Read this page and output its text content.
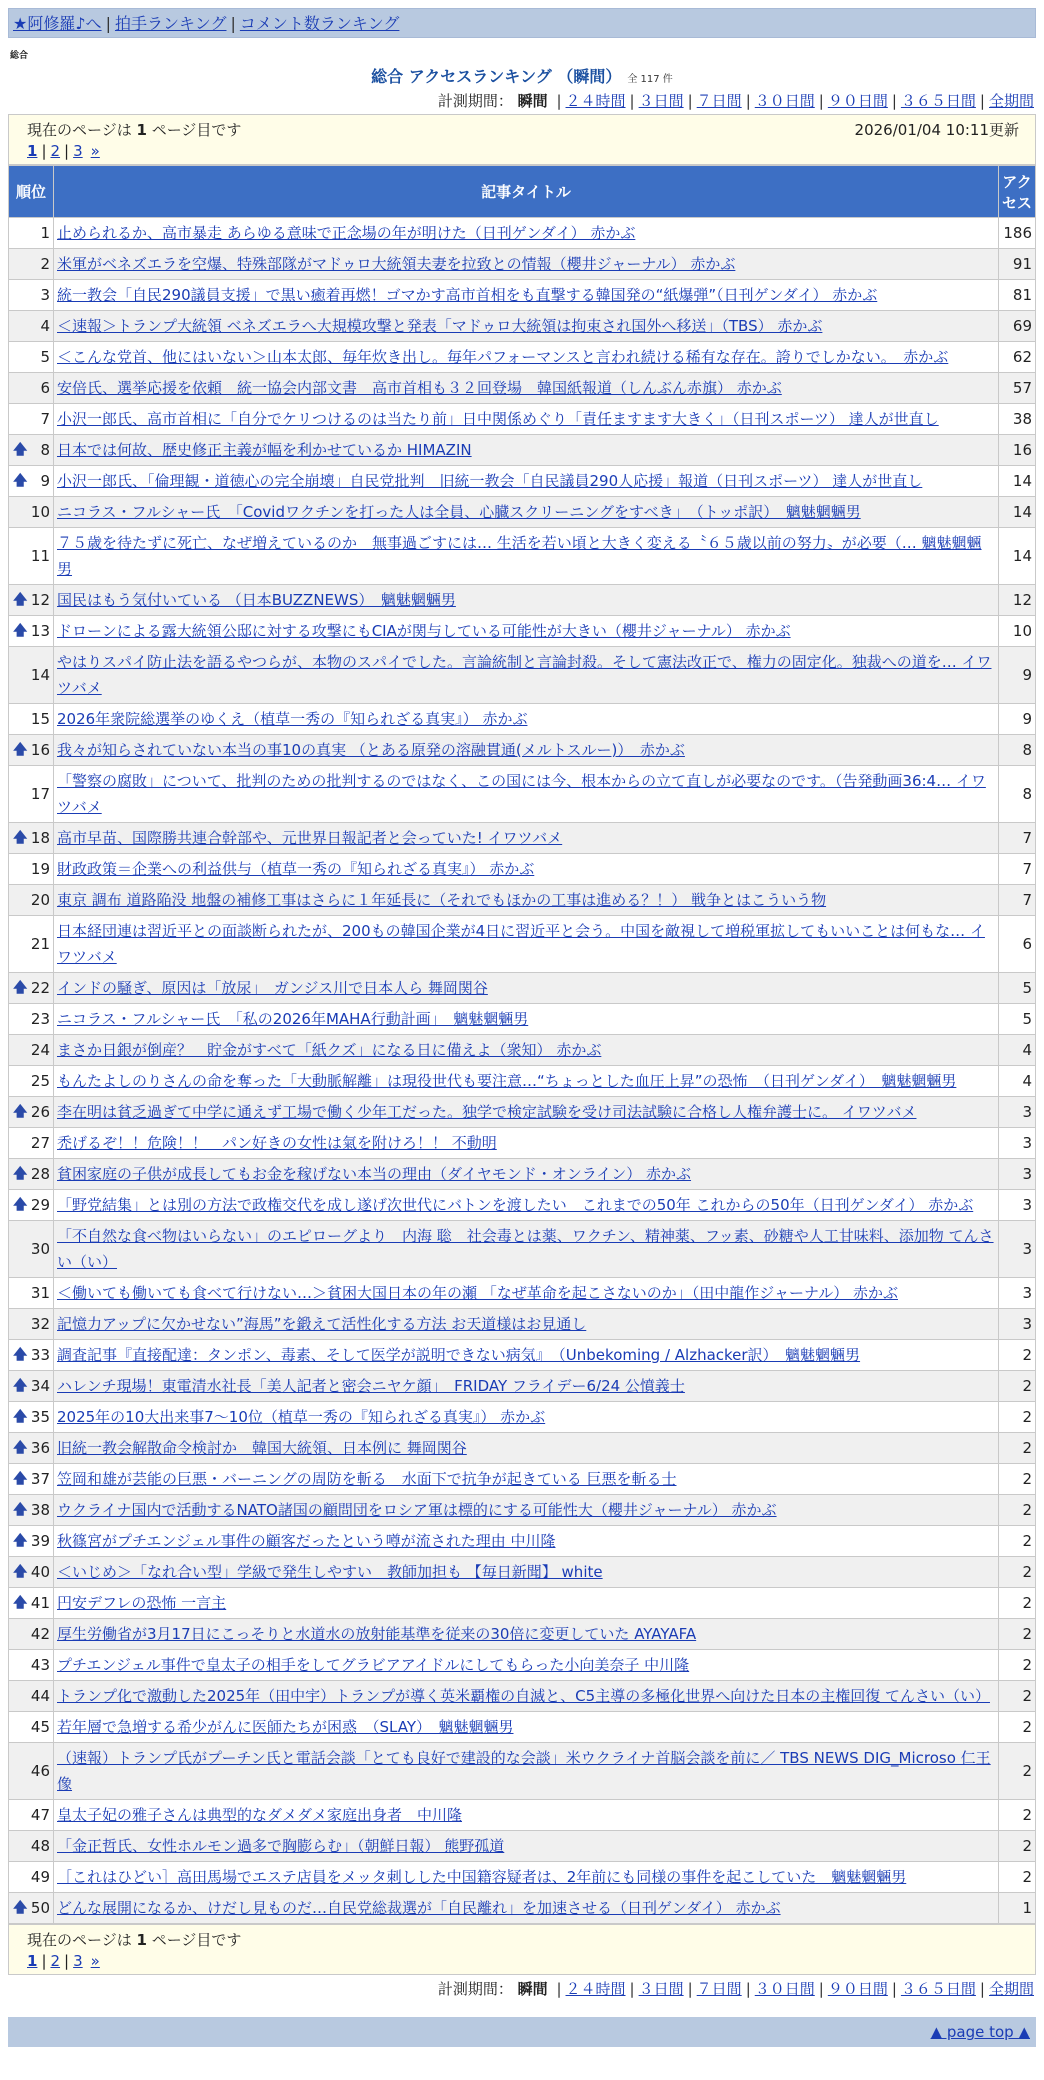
★阿修羅♪へ | 拍手ランキング | コメント数ランキング
総合
総合 アクセスランキング （瞬間） 全 117 件
計測期間： 瞬間 | ２４時間 | ３日間 | ７日間 | ３０日間 | ９０日間 | ３６５日間 | 全期間
現在のページは 1 ページ目です	2026/01/04 10:11更新
1 | 2 | 3 »
順位	記事タイトル	アクセス
1	止められるか、高市暴走 あらゆる意味で正念場の年が明けた（日刊ゲンダイ） 赤かぶ	186
2	米軍がベネズエラを空爆、特殊部隊がマドゥロ大統領夫妻を拉致との情報（櫻井ジャーナル） 赤かぶ	91
3	統一教会「自民290議員支援」で黒い癒着再燃！ゴマかす高市首相をも直撃する韓国発の“紙爆弾”（日刊ゲンダイ） 赤かぶ	81
4	＜速報＞トランプ大統領 ベネズエラへ大規模攻撃と発表「マドゥロ大統領は拘束され国外へ移送」（TBS） 赤かぶ	69
5	＜こんな党首、他にはいない＞山本太郎、毎年炊き出し。毎年パフォーマンスと言われ続ける稀有な存在。誇りでしかない。　赤かぶ	62
6	安倍氏、選挙応援を依頼　統一協会内部文書　高市首相も３２回登場　韓国紙報道（しんぶん赤旗） 赤かぶ	57
7	小沢一郎氏、高市首相に「自分でケリつけるのは当たり前」日中関係めぐり「責任ますます大きく」（日刊スポーツ） 達人が世直し	38

🡅 8	日本では何故、歴史修正主義が幅を利かせているか HIMAZIN	16

🡅 9	小沢一郎氏、「倫理観・道徳心の完全崩壊」自民党批判　旧統一教会「自民議員290人応援」報道（日刊スポーツ） 達人が世直し	14
10	ニコラス・フルシャー氏　「Covidワクチンを打った人は全員、心臓スクリーニングをすべき」　（トッポ訳）　魑魅魍魎男	14
11	７５歳を待たずに死亡、なぜ増えているのか　無事過ごすには… 生活を若い頃と大きく変える〝６５歳以前の努力〟が必要（… 魑魅魍魎男	14

🡅 12	国民はもう気付いている （日本BUZZNEWS）　魑魅魍魎男	12

🡅 13	ドローンによる露大統領公邸に対する攻撃にもCIAが関与している可能性が大きい（櫻井ジャーナル） 赤かぶ	10
14	やはりスパイ防止法を語るやつらが、本物のスパイでした。言論統制と言論封殺。そして憲法改正で、権力の固定化。独裁への道を… イワツバメ	9
15	2026年衆院総選挙のゆくえ（植草一秀の『知られざる真実』） 赤かぶ	9

🡅 16	我々が知らされていない本当の事10の真実 （とある原発の溶融貫通(メルトスルー)）　赤かぶ	8
17	「警察の腐敗」について、批判のための批判するのではなく、この国には今、根本からの立て直しが必要なのです。（告発動画36:4… イワツバメ	8

🡅 18	高市早苗、国際勝共連合幹部や、元世界日報記者と会っていた! イワツバメ	7
19	財政政策＝企業への利益供与（植草一秀の『知られざる真実』） 赤かぶ	7
20	東京 調布 道路陥没 地盤の補修工事はさらに１年延長に（それでもほかの工事は進める？！） 戦争とはこういう物	7
21	日本経団連は習近平との面談断られたが、200もの韓国企業が4日に習近平と会う。中国を敵視して増税軍拡してもいいことは何もな… イワツバメ	6

🡅 22	インドの騒ぎ、原因は「放尿」　ガンジス川で日本人ら 舞岡関谷	5
23	ニコラス・フルシャー氏　「私の2026年MAHA行動計画」　魑魅魍魎男	5
24	まさか日銀が倒産？　貯金がすべて「紙クズ」になる日に備えよ（衆知） 赤かぶ	4
25	もんたよしのりさんの命を奪った「大動脈解離」は現役世代も要注意…“ちょっとした血圧上昇”の恐怖　（日刊ゲンダイ）　魑魅魍魎男	4

🡅 26	李在明は貧乏過ぎて中学に通えず工場で働く少年工だった。独学で検定試験を受け司法試験に合格し人権弁護士に。 イワツバメ	3
27	禿げるぞ！！危険！！　パン好きの女性は氣を附けろ！！ 不動明	3

🡅 28	貧困家庭の子供が成長してもお金を稼げない本当の理由（ダイヤモンド・オンライン） 赤かぶ	3

🡅 29	「野党結集」とは別の方法で政権交代を成し遂げ次世代にバトンを渡したい　これまでの50年 これからの50年（日刊ゲンダイ） 赤かぶ	3
30	「不自然な食べ物はいらない」のエピローグより　内海 聡　社会毒とは薬、ワクチン、精神薬、フッ素、砂糖や人工甘味料、添加物 てんさい（い）	3
31	＜働いても働いても食べて行けない…＞貧困大国日本の年の瀬 「なぜ革命を起こさないのか」（田中龍作ジャーナル） 赤かぶ	3
32	記憶力アップに欠かせない”海馬”を鍛えて活性化する方法 お天道様はお見通し	3

🡅 33	調査記事『直接配達：タンポン、毒素、そして医学が説明できない病気』　（Unbekoming / Alzhacker訳）　魑魅魍魎男	2

🡅 34	ハレンチ現場！東電清水社長「美人記者と密会ニヤケ顔」　FRIDAY フライデー6/24 公憤義士	2

🡅 35	2025年の10大出来事7～10位（植草一秀の『知られざる真実』） 赤かぶ	2

🡅 36	旧統一教会解散命令検討か　韓国大統領、日本例に 舞岡関谷	2

🡅 37	笠岡和雄が芸能の巨悪・バーニングの周防を斬る　水面下で抗争が起きている 巨悪を斬る士	2

🡅 38	ウクライナ国内で活動するNATO諸国の顧問団をロシア軍は標的にする可能性大（櫻井ジャーナル） 赤かぶ	2

🡅 39	秋篠宮がプチエンジェル事件の顧客だったという噂が流された理由 中川隆	2

🡅 40	＜いじめ＞「なれ合い型」学級で発生しやすい　教師加担も 【毎日新聞】 white	2

🡅 41	円安デフレの恐怖 一言主	2
42	厚生労働省が3月17日にこっそりと水道水の放射能基準を従来の30倍に変更していた AYAYAFA	2
43	プチエンジェル事件で皇太子の相手をしてグラビアアイドルにしてもらった小向美奈子 中川隆	2
44	トランプ化で激動した2025年（田中宇）トランプが導く英米覇権の自滅と、C5主導の多極化世界へ向けた日本の主権回復 てんさい（い）	2
45	若年層で急増する希少がんに医師たちが困惑　（SLAY）　魑魅魍魎男	2
46	（速報）トランプ氏がプーチン氏と電話会談「とても良好で建設的な会談」米ウクライナ首脳会談を前に／ TBS NEWS DIG_Microso 仁王像	2
47	皇太子妃の雅子さんは典型的なダメダメ家庭出身者　中川隆	2
48	「金正哲氏、女性ホルモン過多で胸膨らむ」（朝鮮日報） 熊野孤道	2
49	［これはひどい］高田馬場でエステ店員をメッタ刺しした中国籍容疑者は、2年前にも同様の事件を起こしていた　魑魅魍魎男	2

🡅 50	どんな展開になるか、けだし見ものだ…自民党総裁選が「自民離れ」を加速させる（日刊ゲンダイ） 赤かぶ	1
現在のページは 1 ページ目です
1 | 2 | 3 »
計測期間： 瞬間 | ２４時間 | ３日間 | ７日間 | ３０日間 | ９０日間 | ３６５日間 | 全期間
▲ page top ▲
